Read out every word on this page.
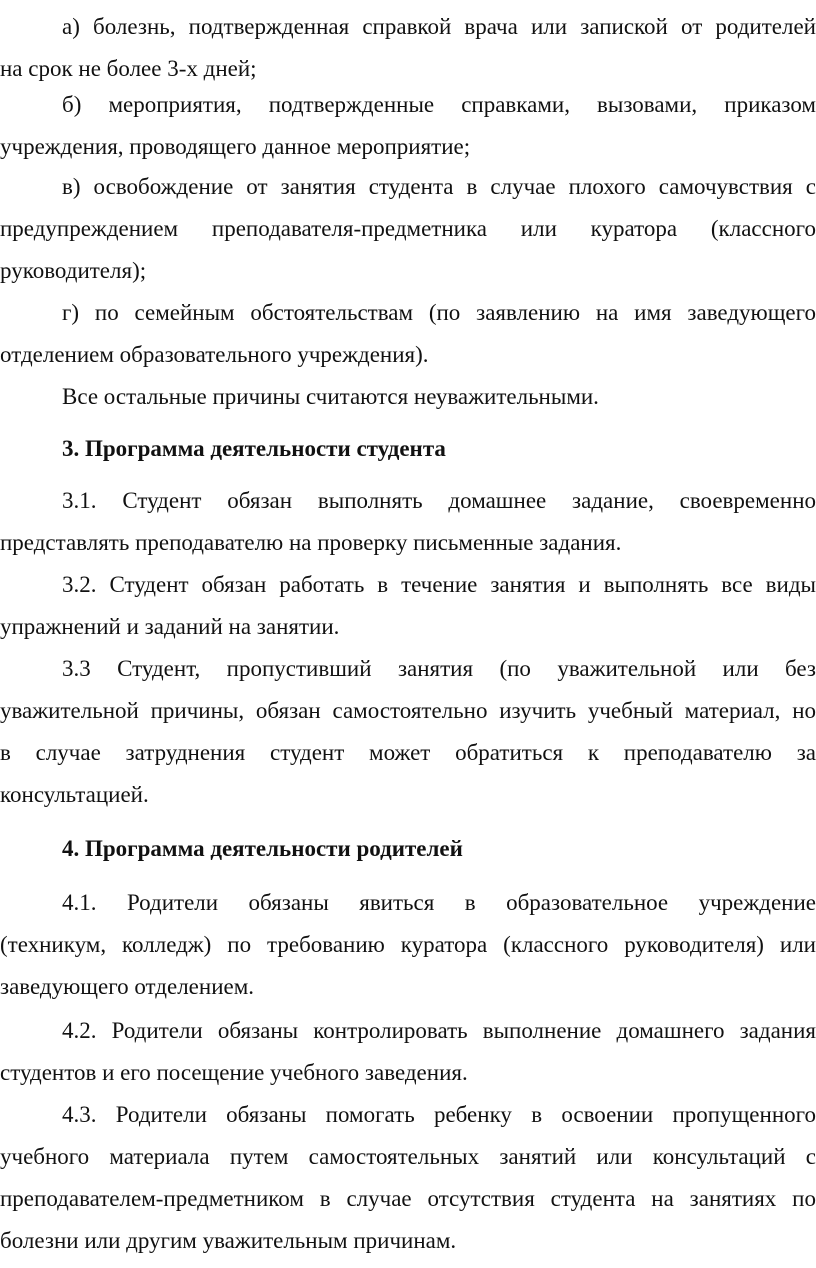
а) болезнь, подтвержденная справкой врача или запиской от родителей
на срок не более 3-х дней;
б) мероприятия, подтвержденные справками, вызовами, приказом
учреждения, проводящего данное мероприятие;
в) освобождение от занятия студента в случае плохого самочувствия с
предупреждением преподавателя-предметника или куратора (классного
руководителя);
г) по семейным обстоятельствам (по заявлению на имя заведующего
отделением образовательного учреждения).
Все остальные причины считаются неуважительными.
3. Программа деятельности студента
3.1. Студент обязан выполнять домашнее задание, своевременно
представлять преподавателю на проверку письменные задания.
3.2. Студент обязан работать в течение занятия и выполнять все виды
упражнений и заданий на занятии.
3.3 Студент, пропустивший занятия (по уважительной или без
уважительной причины, обязан самостоятельно изучить учебный материал, но
в случае затруднения студент может обратиться к преподавателю за
консультацией.
4. Программа деятельности родителей
4.1. Родители обязаны явиться в образовательное учреждение
(техникум, колледж) по требованию куратора (классного руководителя) или
заведующего отделением.
4.2. Родители обязаны контролировать выполнение домашнего задания
студентов и его посещение учебного заведения.
4.3. Родители обязаны помогать ребенку в освоении пропущенного
учебного материала путем самостоятельных занятий или консультаций с
преподавателем-предметником в случае отсутствия студента на занятиях по
болезни или другим уважительным причинам.
